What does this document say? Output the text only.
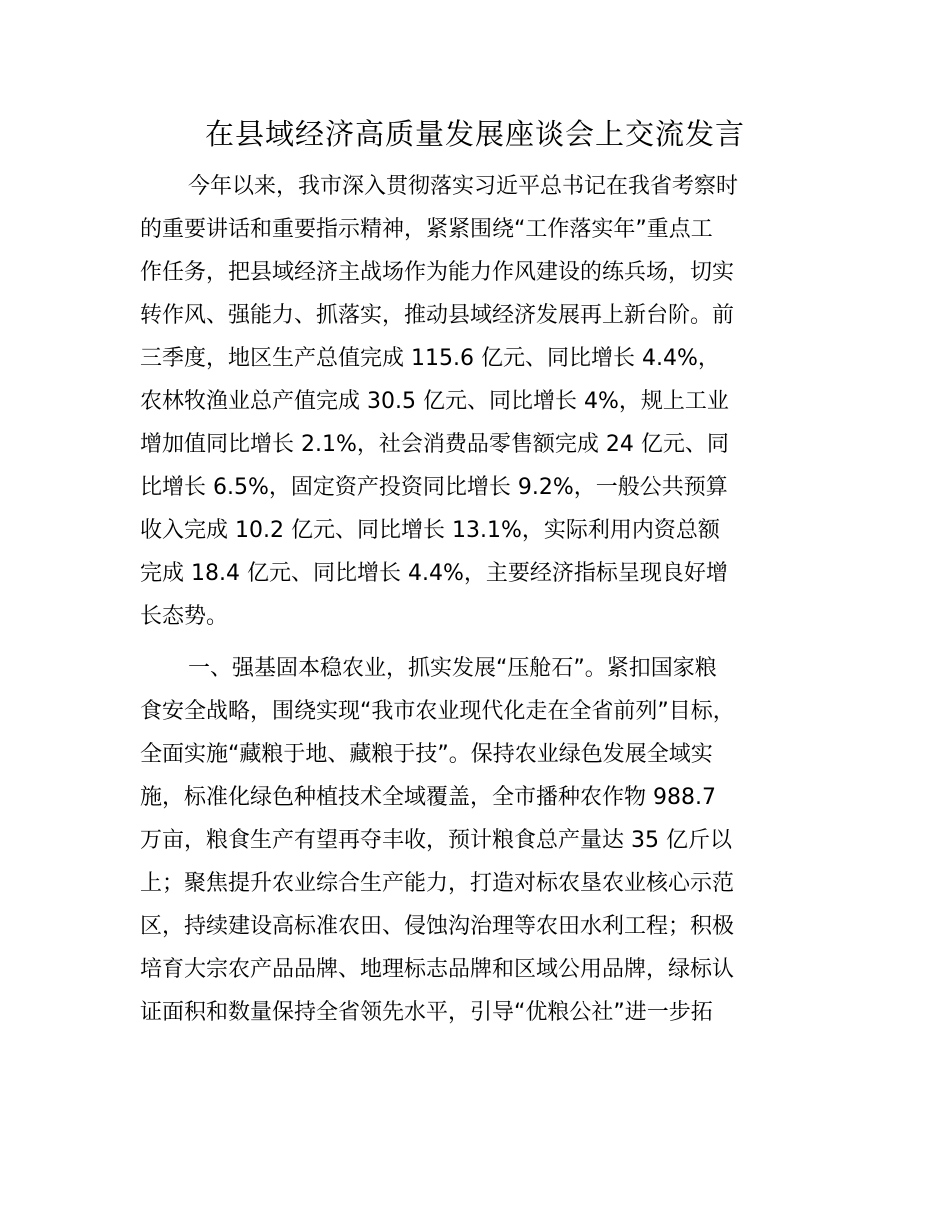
在县域经济高质量发展座谈会上交流发言

今年以来，我市深入贯彻落实习近平总书记在我省考察时

的重要讲话和重要指示精神，紧紧围绕“工作落实年”重点工

作任务，把县域经济主战场作为能力作风建设的练兵场，切实

转作风、强能力、抓落实，推动县域经济发展再上新台阶。前

三季度，地区生产总值完成 115.6 亿元、同比增长 4.4%，

农林牧渔业总产值完成 30.5 亿元、同比增长 4%，规上工业

增加值同比增长 2.1%，社会消费品零售额完成 24 亿元、同

比增长 6.5%，固定资产投资同比增长 9.2%，一般公共预算

收入完成 10.2 亿元、同比增长 13.1%，实际利用内资总额

完成 18.4 亿元、同比增长 4.4%，主要经济指标呈现良好增

长态势。

一、强基固本稳农业，抓实发展“压舱石”。紧扣国家粮

食安全战略，围绕实现“我市农业现代化走在全省前列”目标，

全面实施“藏粮于地、藏粮于技”。保持农业绿色发展全域实

施，标准化绿色种植技术全域覆盖，全市播种农作物 988.7

万亩，粮食生产有望再夺丰收，预计粮食总产量达 35 亿斤以

上；聚焦提升农业综合生产能力，打造对标农垦农业核心示范

区，持续建设高标准农田、侵蚀沟治理等农田水利工程；积极

培育大宗农产品品牌、地理标志品牌和区域公用品牌，绿标认

证面积和数量保持全省领先水平，引导“优粮公社”进一步拓
